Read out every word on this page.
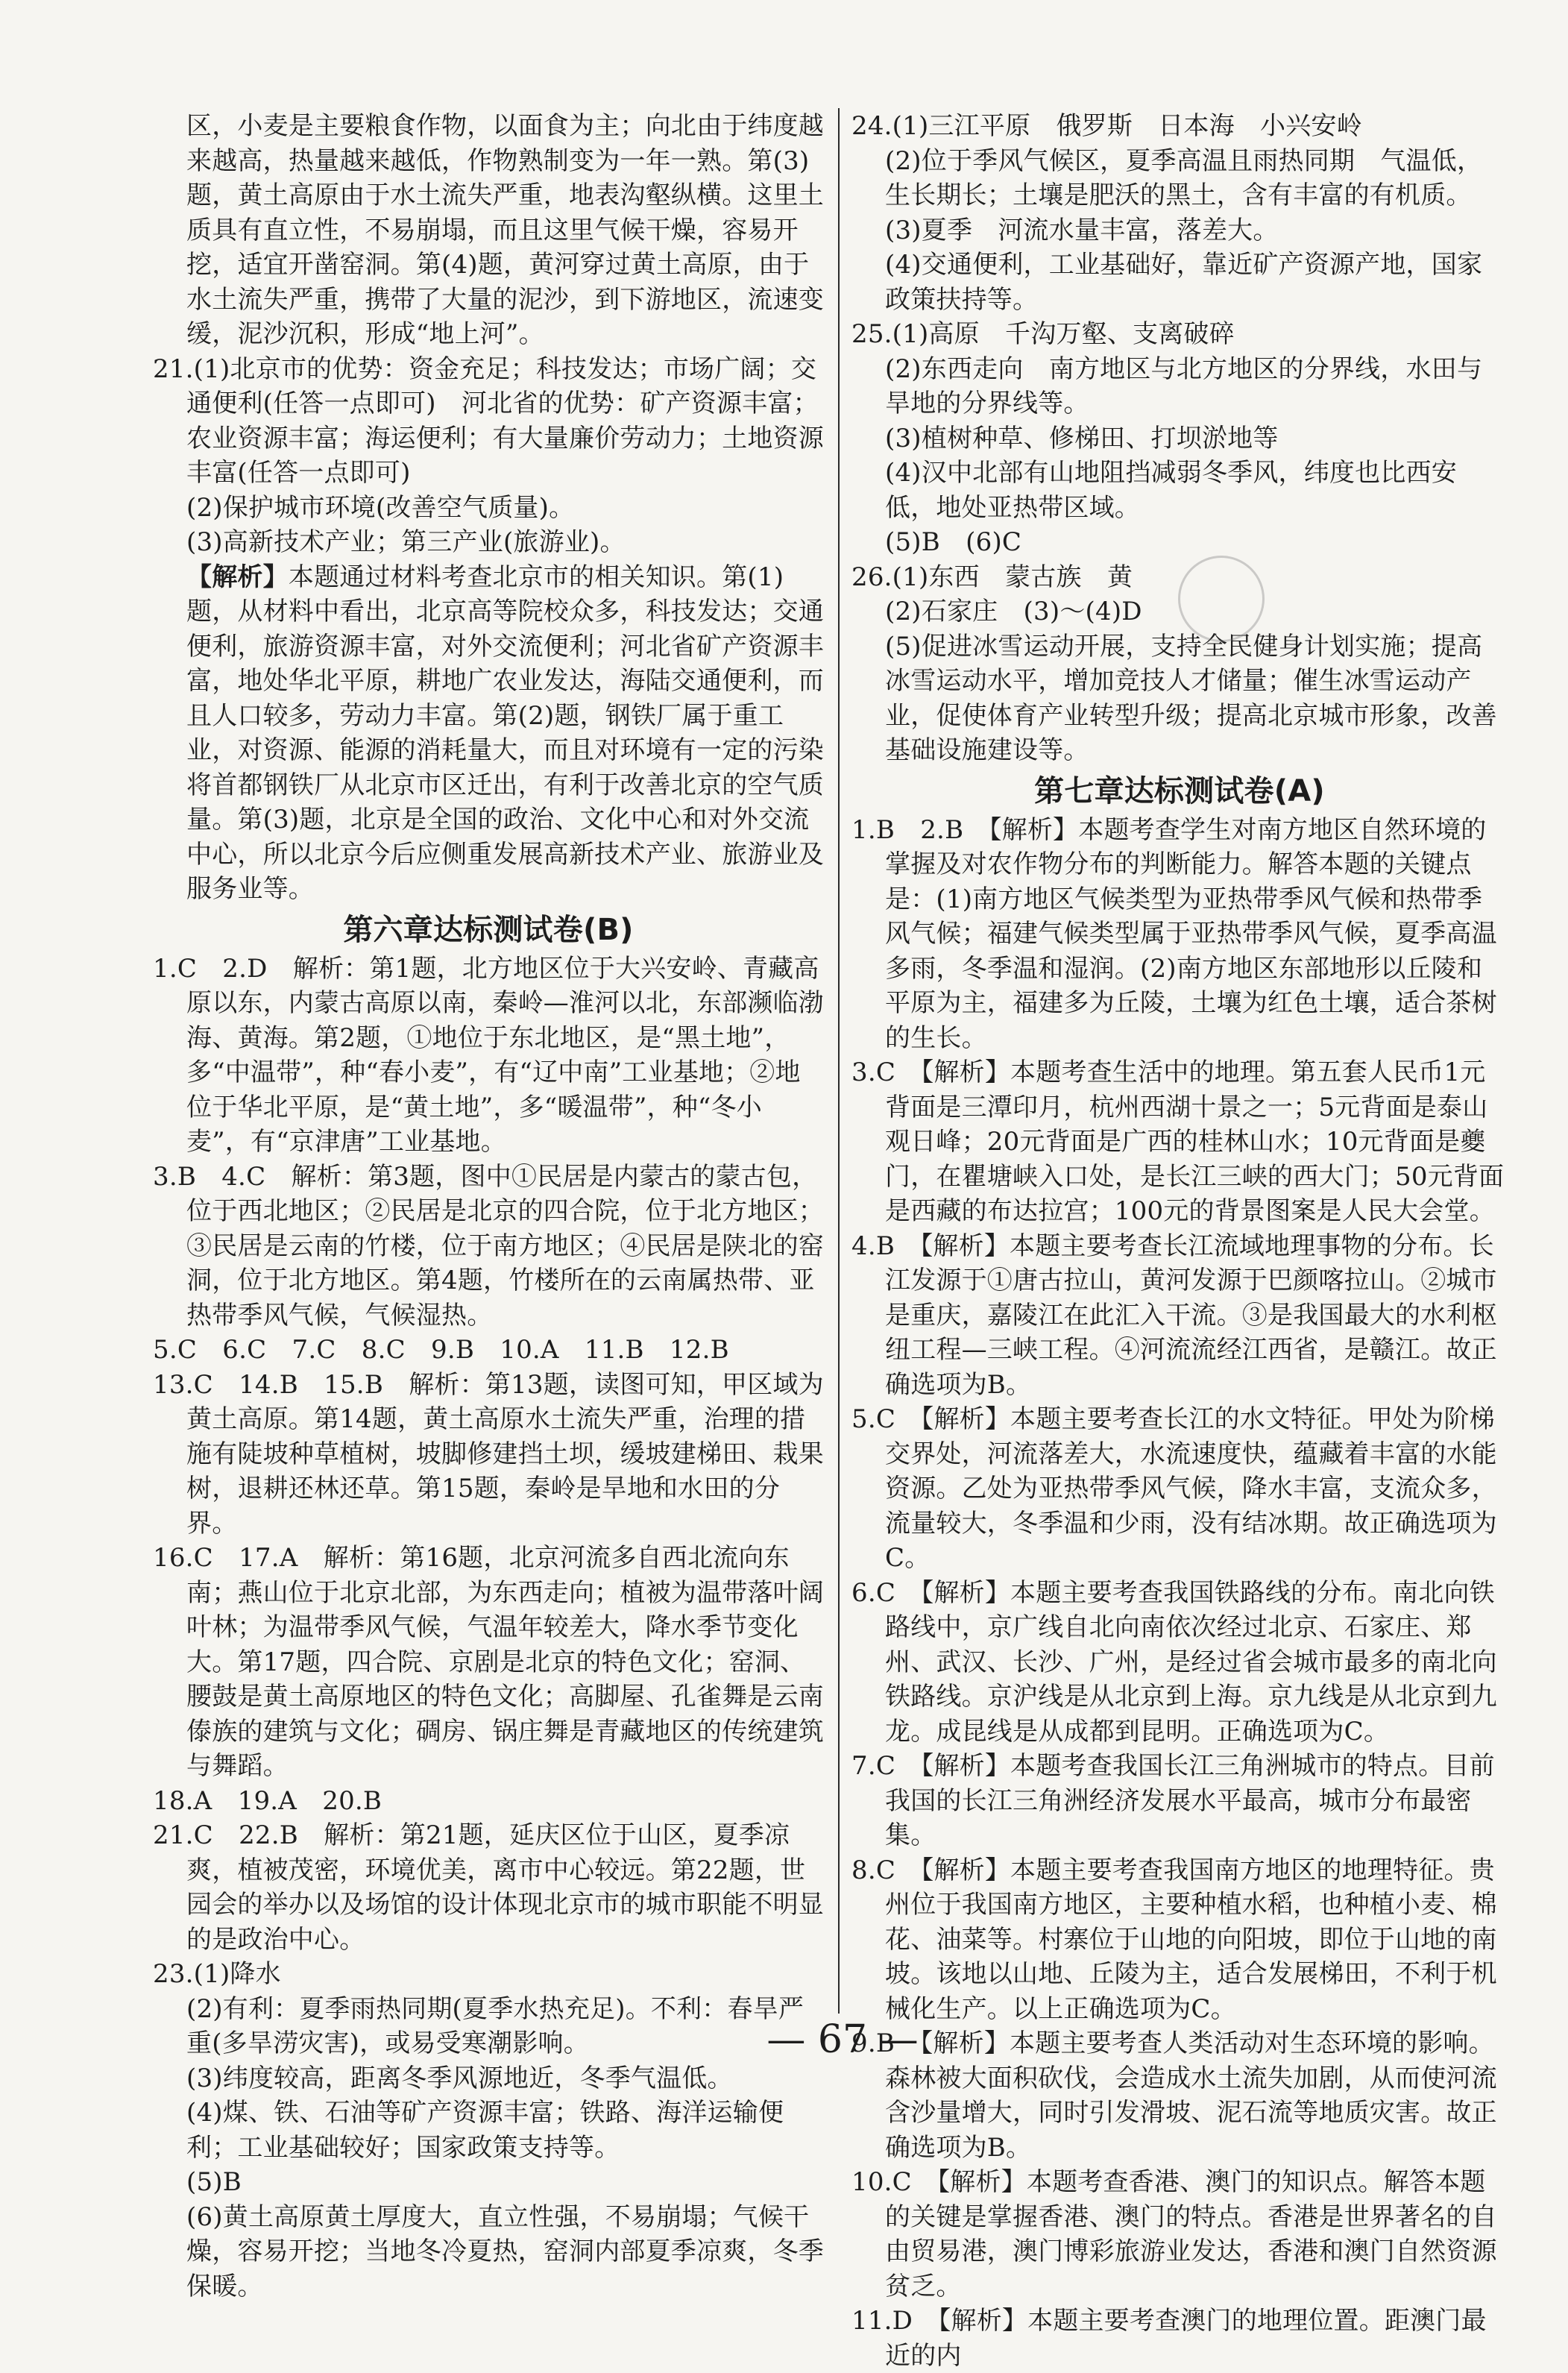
区，小麦是主要粮食作物，以面食为主；向北由于纬度越来越高，热量越来越低，作物熟制变为一年一熟。第(3)题，黄土高原由于水土流失严重，地表沟壑纵横。这里土质具有直立性，不易崩塌，而且这里气候干燥，容易开挖，适宜开凿窑洞。第(4)题，黄河穿过黄土高原，由于水土流失严重，携带了大量的泥沙，到下游地区，流速变缓，泥沙沉积，形成“地上河”。

21.(1)北京市的优势：资金充足；科技发达；市场广阔；交通便利(任答一点即可)　河北省的优势：矿产资源丰富；农业资源丰富；海运便利；有大量廉价劳动力；土地资源丰富(任答一点即可)

(2)保护城市环境(改善空气质量)。

(3)高新技术产业；第三产业(旅游业)。

【解析】本题通过材料考查北京市的相关知识。第(1)题，从材料中看出，北京高等院校众多，科技发达；交通便利，旅游资源丰富，对外交流便利；河北省矿产资源丰富，地处华北平原，耕地广农业发达，海陆交通便利，而且人口较多，劳动力丰富。第(2)题，钢铁厂属于重工业，对资源、能源的消耗量大，而且对环境有一定的污染将首都钢铁厂从北京市区迁出，有利于改善北京的空气质量。第(3)题，北京是全国的政治、文化中心和对外交流中心，所以北京今后应侧重发展高新技术产业、旅游业及服务业等。

第六章达标测试卷(B)

1.C　2.D　解析：第1题，北方地区位于大兴安岭、青藏高原以东，内蒙古高原以南，秦岭—淮河以北，东部濒临渤海、黄海。第2题，①地位于东北地区，是“黑土地”，多“中温带”，种“春小麦”，有“辽中南”工业基地；②地位于华北平原，是“黄土地”，多“暖温带”，种“冬小麦”，有“京津唐”工业基地。

3.B　4.C　解析：第3题，图中①民居是内蒙古的蒙古包，位于西北地区；②民居是北京的四合院，位于北方地区；③民居是云南的竹楼，位于南方地区；④民居是陕北的窑洞，位于北方地区。第4题，竹楼所在的云南属热带、亚热带季风气候，气候湿热。

5.C　6.C　7.C　8.C　9.B　10.A　11.B　12.B

13.C　14.B　15.B　解析：第13题，读图可知，甲区域为黄土高原。第14题，黄土高原水土流失严重，治理的措施有陡坡种草植树，坡脚修建挡土坝，缓坡建梯田、栽果树，退耕还林还草。第15题，秦岭是旱地和水田的分界。

16.C　17.A　解析：第16题，北京河流多自西北流向东南；燕山位于北京北部，为东西走向；植被为温带落叶阔叶林；为温带季风气候，气温年较差大，降水季节变化大。第17题，四合院、京剧是北京的特色文化；窑洞、腰鼓是黄土高原地区的特色文化；高脚屋、孔雀舞是云南傣族的建筑与文化；碉房、锅庄舞是青藏地区的传统建筑与舞蹈。

18.A　19.A　20.B

21.C　22.B　解析：第21题，延庆区位于山区，夏季凉爽，植被茂密，环境优美，离市中心较远。第22题，世园会的举办以及场馆的设计体现北京市的城市职能不明显的是政治中心。

23.(1)降水

(2)有利：夏季雨热同期(夏季水热充足)。不利：春旱严重(多旱涝灾害)，或易受寒潮影响。

(3)纬度较高，距离冬季风源地近，冬季气温低。

(4)煤、铁、石油等矿产资源丰富；铁路、海洋运输便利；工业基础较好；国家政策支持等。

(5)B

(6)黄土高原黄土厚度大，直立性强，不易崩塌；气候干燥，容易开挖；当地冬冷夏热，窑洞内部夏季凉爽，冬季保暖。

24.(1)三江平原　俄罗斯　日本海　小兴安岭

(2)位于季风气候区，夏季高温且雨热同期　气温低，生长期长；土壤是肥沃的黑土，含有丰富的有机质。

(3)夏季　河流水量丰富，落差大。

(4)交通便利，工业基础好，靠近矿产资源产地，国家政策扶持等。

25.(1)高原　千沟万壑、支离破碎

(2)东西走向　南方地区与北方地区的分界线，水田与旱地的分界线等。

(3)植树种草、修梯田、打坝淤地等

(4)汉中北部有山地阻挡减弱冬季风，纬度也比西安低，地处亚热带区域。

(5)B　(6)C

26.(1)东西　蒙古族　黄

(2)石家庄　(3)～(4)D

(5)促进冰雪运动开展，支持全民健身计划实施；提高冰雪运动水平，增加竞技人才储量；催生冰雪运动产业，促使体育产业转型升级；提高北京城市形象，改善基础设施建设等。

第七章达标测试卷(A)

1.B　2.B　【解析】本题考查学生对南方地区自然环境的掌握及对农作物分布的判断能力。解答本题的关键点是：(1)南方地区气候类型为亚热带季风气候和热带季风气候；福建气候类型属于亚热带季风气候，夏季高温多雨，冬季温和湿润。(2)南方地区东部地形以丘陵和平原为主，福建多为丘陵，土壤为红色土壤，适合茶树的生长。

3.C　【解析】本题考查生活中的地理。第五套人民币1元背面是三潭印月，杭州西湖十景之一；5元背面是泰山观日峰；20元背面是广西的桂林山水；10元背面是夔门，在瞿塘峡入口处，是长江三峡的西大门；50元背面是西藏的布达拉宫；100元的背景图案是人民大会堂。

4.B　【解析】本题主要考查长江流域地理事物的分布。长江发源于①唐古拉山，黄河发源于巴颜喀拉山。②城市是重庆，嘉陵江在此汇入干流。③是我国最大的水利枢纽工程—三峡工程。④河流流经江西省，是赣江。故正确选项为B。

5.C　【解析】本题主要考查长江的水文特征。甲处为阶梯交界处，河流落差大，水流速度快，蕴藏着丰富的水能资源。乙处为亚热带季风气候，降水丰富，支流众多，流量较大，冬季温和少雨，没有结冰期。故正确选项为C。

6.C　【解析】本题主要考查我国铁路线的分布。南北向铁路线中，京广线自北向南依次经过北京、石家庄、郑州、武汉、长沙、广州，是经过省会城市最多的南北向铁路线。京沪线是从北京到上海。京九线是从北京到九龙。成昆线是从成都到昆明。正确选项为C。

7.C　【解析】本题考查我国长江三角洲城市的特点。目前我国的长江三角洲经济发展水平最高，城市分布最密集。

8.C　【解析】本题主要考查我国南方地区的地理特征。贵州位于我国南方地区，主要种植水稻，也种植小麦、棉花、油菜等。村寨位于山地的向阳坡，即位于山地的南坡。该地以山地、丘陵为主，适合发展梯田，不利于机械化生产。以上正确选项为C。

9.B　【解析】本题主要考查人类活动对生态环境的影响。森林被大面积砍伐，会造成水土流失加剧，从而使河流含沙量增大，同时引发滑坡、泥石流等地质灾害。故正确选项为B。

10.C　【解析】本题考查香港、澳门的知识点。解答本题的关键是掌握香港、澳门的特点。香港是世界著名的自由贸易港，澳门博彩旅游业发达，香港和澳门自然资源贫乏。

11.D　【解析】本题主要考查澳门的地理位置。距澳门最近的内

— 67 —
